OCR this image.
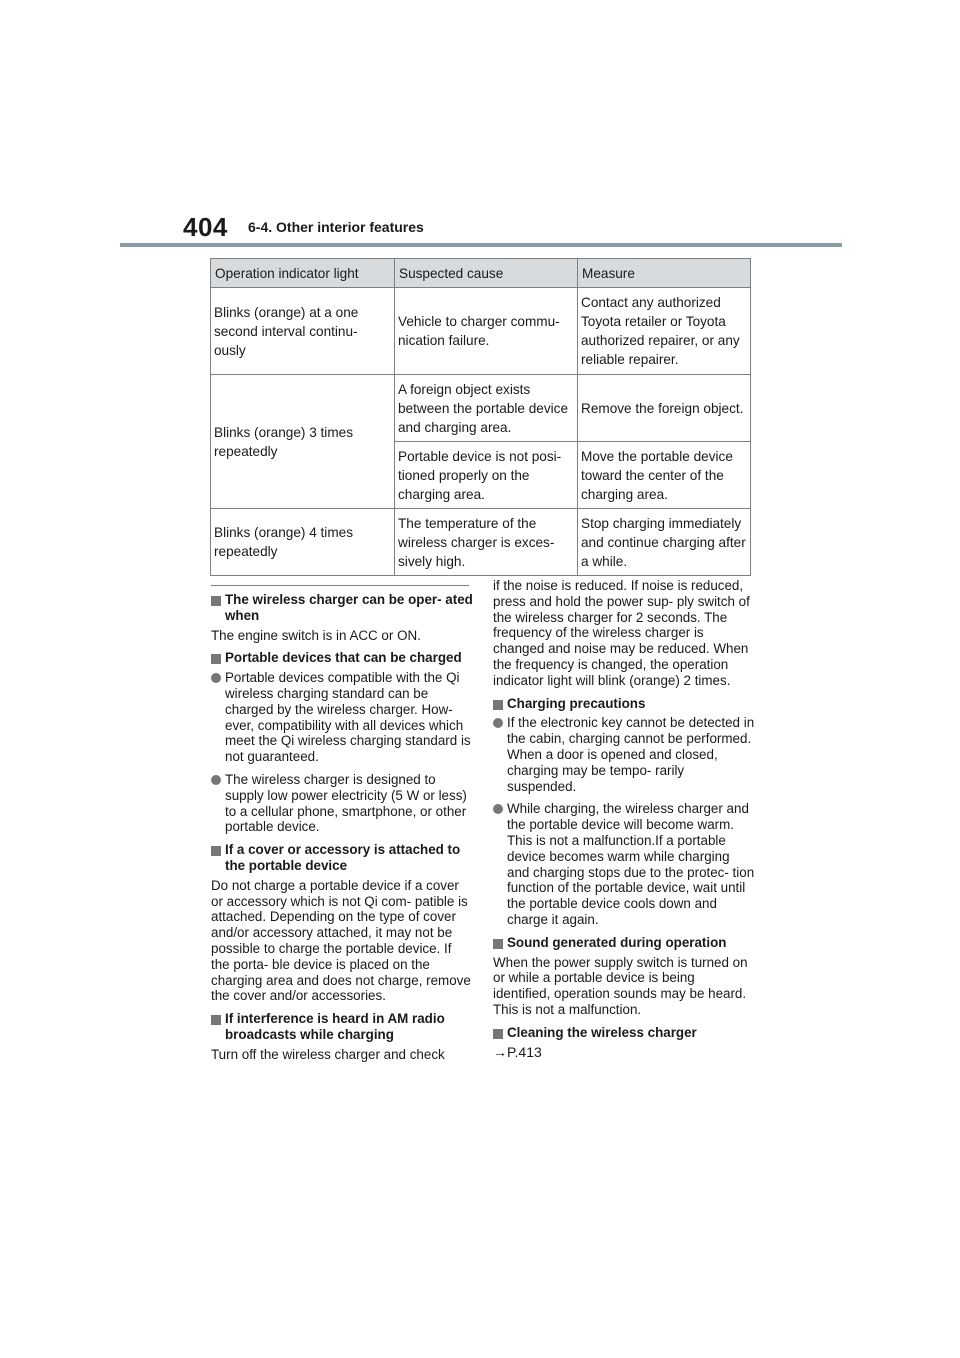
404 6-4. Other interior features
Operation indicator light	Suspected cause	Measure
Blinks (orange) at a one second interval continu- ously	Vehicle to charger commu- nication failure.	Contact any authorized Toyota retailer or Toyota authorized repairer, or any reliable repairer.
Blinks (orange) 3 times repeatedly	A foreign object exists between the portable device and charging area.	Remove the foreign object.
	Portable device is not posi- tioned properly on the charging area.	Move the portable device toward the center of the charging area.
Blinks (orange) 4 times repeatedly	The temperature of the wireless charger is exces- sively high.	Stop charging immediately and continue charging after a while.
The wireless charger can be oper- ated when
The engine switch is in ACC or ON.
Portable devices that can be charged
Portable devices compatible with the Qi wireless charging standard can be charged by the wireless charger. How- ever, compatibility with all devices which meet the Qi wireless charging standard is not guaranteed.
The wireless charger is designed to supply low power electricity (5 W or less) to a cellular phone, smartphone, or other portable device.
If a cover or accessory is attached to the portable device
Do not charge a portable device if a cover or accessory which is not Qi com- patible is attached. Depending on the type of cover and/or accessory attached, it may not be possible to charge the portable device. If the porta- ble device is placed on the charging area and does not charge, remove the cover and/or accessories.
If interference is heard in AM radio broadcasts while charging
Turn off the wireless charger and check
if the noise is reduced. If noise is reduced, press and hold the power sup- ply switch of the wireless charger for 2 seconds. The frequency of the wireless charger is changed and noise may be reduced. When the frequency is changed, the operation indicator light will blink (orange) 2 times.
Charging precautions
If the electronic key cannot be detected in the cabin, charging cannot be performed. When a door is opened and closed, charging may be tempo- rarily suspended.
While charging, the wireless charger and the portable device will become warm.
This is not a malfunction.If a portable device becomes warm while charging and charging stops due to the protec- tion function of the portable device, wait until the portable device cools down and charge it again.
Sound generated during operation
When the power supply switch is turned on or while a portable device is being identified, operation sounds may be heard. This is not a malfunction.
Cleaning the wireless charger
→P.413
